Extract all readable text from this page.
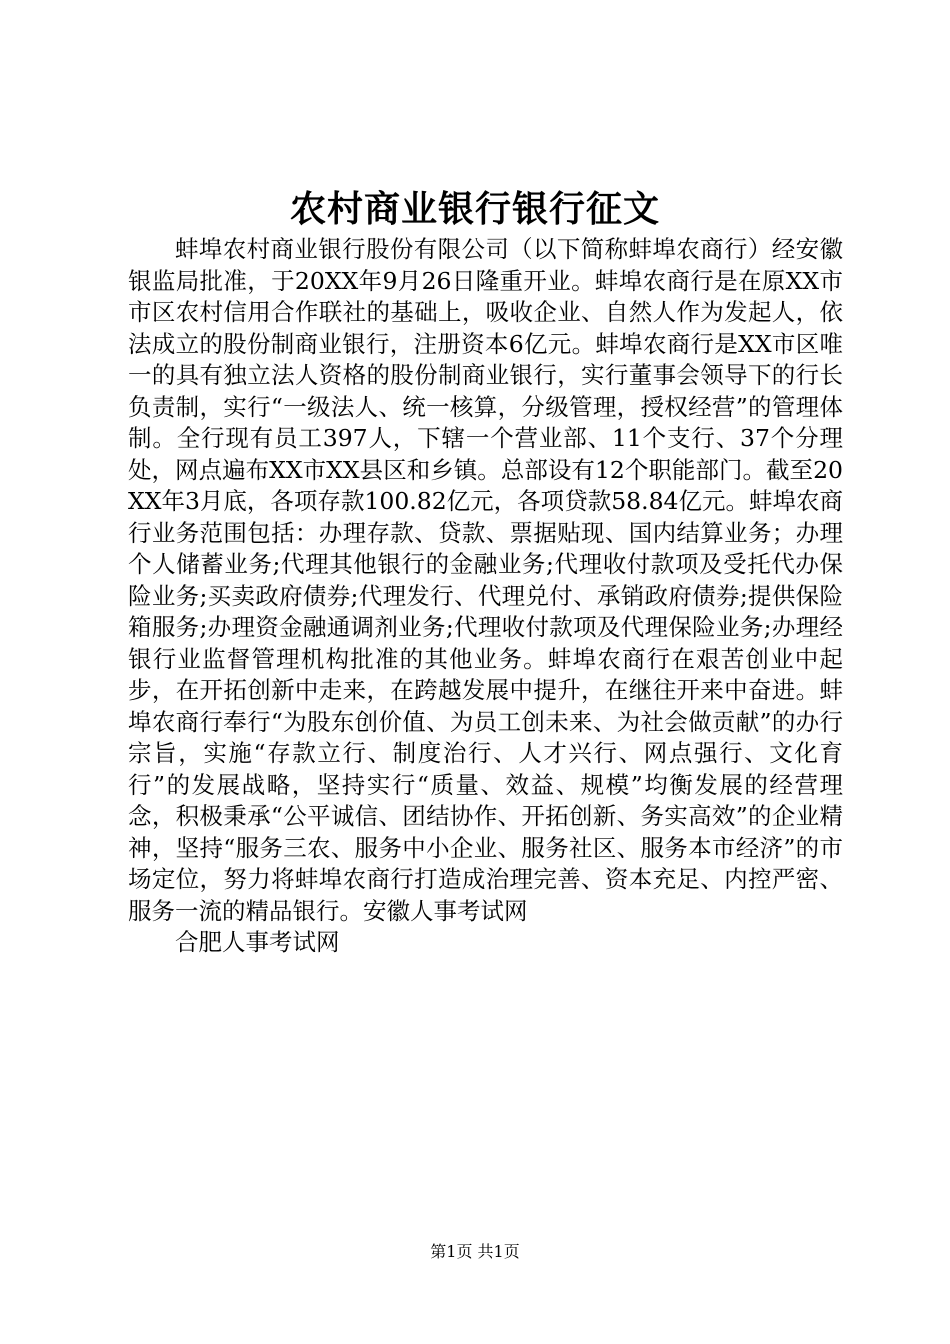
农村商业银行银行征文

蚌埠农村商业银行股份有限公司（以下简称蚌埠农商行）经安徽银监局批准，于20XX年9月26日隆重开业。蚌埠农商行是在原XX市市区农村信用合作联社的基础上，吸收企业、自然人作为发起人，依法成立的股份制商业银行，注册资本6亿元。蚌埠农商行是XX市区唯一的具有独立法人资格的股份制商业银行，实行董事会领导下的行长负责制，实行“一级法人、统一核算，分级管理，授权经营”的管理体制。全行现有员工397人，下辖一个营业部、11个支行、37个分理处，网点遍布XX市XX县区和乡镇。总部设有12个职能部门。截至20XX年3月底，各项存款100.82亿元，各项贷款58.84亿元。蚌埠农商行业务范围包括：办理存款、贷款、票据贴现、国内结算业务；办理个人储蓄业务;代理其他银行的金融业务;代理收付款项及受托代办保险业务;买卖政府债券;代理发行、代理兑付、承销政府债券;提供保险箱服务;办理资金融通调剂业务;代理收付款项及代理保险业务;办理经银行业监督管理机构批准的其他业务。蚌埠农商行在艰苦创业中起步，在开拓创新中走来，在跨越发展中提升，在继往开来中奋进。蚌埠农商行奉行“为股东创价值、为员工创未来、为社会做贡献”的办行宗旨，实施“存款立行、制度治行、人才兴行、网点强行、文化育行”的发展战略，坚持实行“质量、效益、规模”均衡发展的经营理念，积极秉承“公平诚信、团结协作、开拓创新、务实高效”的企业精神，坚持“服务三农、服务中小企业、服务社区、服务本市经济”的市场定位，努力将蚌埠农商行打造成治理完善、资本充足、内控严密、服务一流的精品银行。安徽人事考试网

合肥人事考试网

第1页 共1页
